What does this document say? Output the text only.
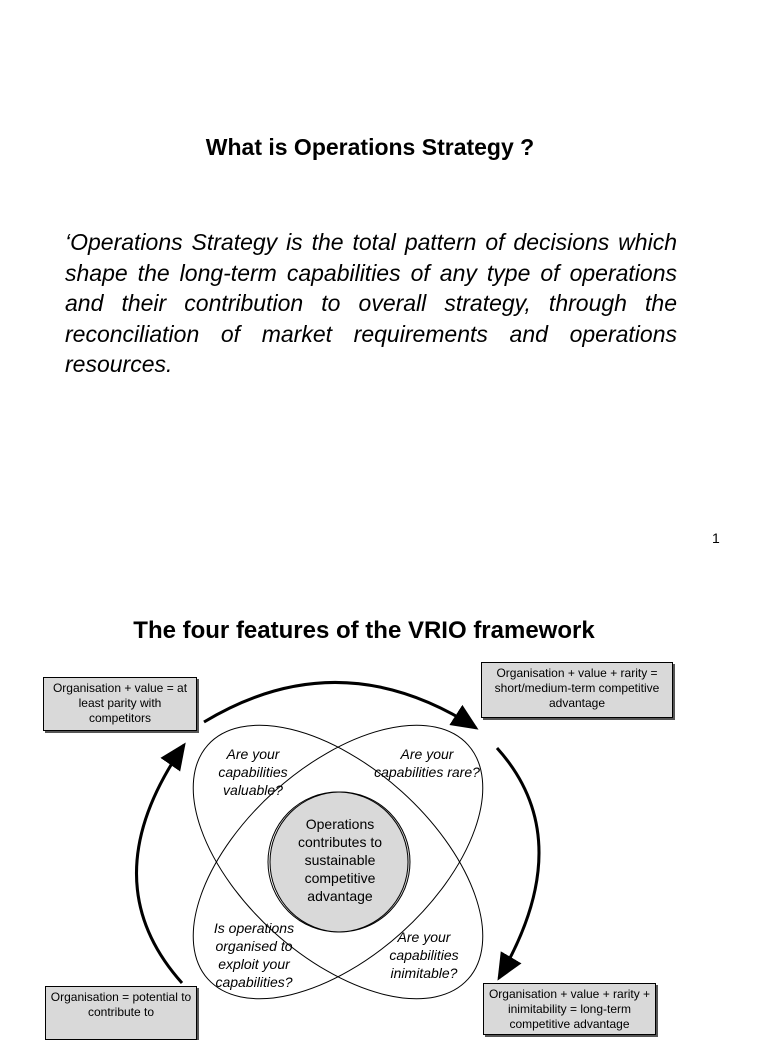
What is Operations Strategy ?

‘Operations Strategy is the total pattern of decisions which shape the long-term capabilities of any type of operations and their contribution to overall strategy, through the reconciliation of market requirements and operations resources.

1
The four features of the VRIO framework
Operations contributes to sustainable competitive advantage
Are your capabilities valuable?
Are your capabilities rare?
Is operations organised to exploit your capabilities?
Are your capabilities inimitable?
Organisation + value = at least parity with competitors
Organisation + value + rarity = short/medium-term competitive advantage
Organisation = potential to contribute to
Organisation + value + rarity + inimitability = long-term competitive advantage
